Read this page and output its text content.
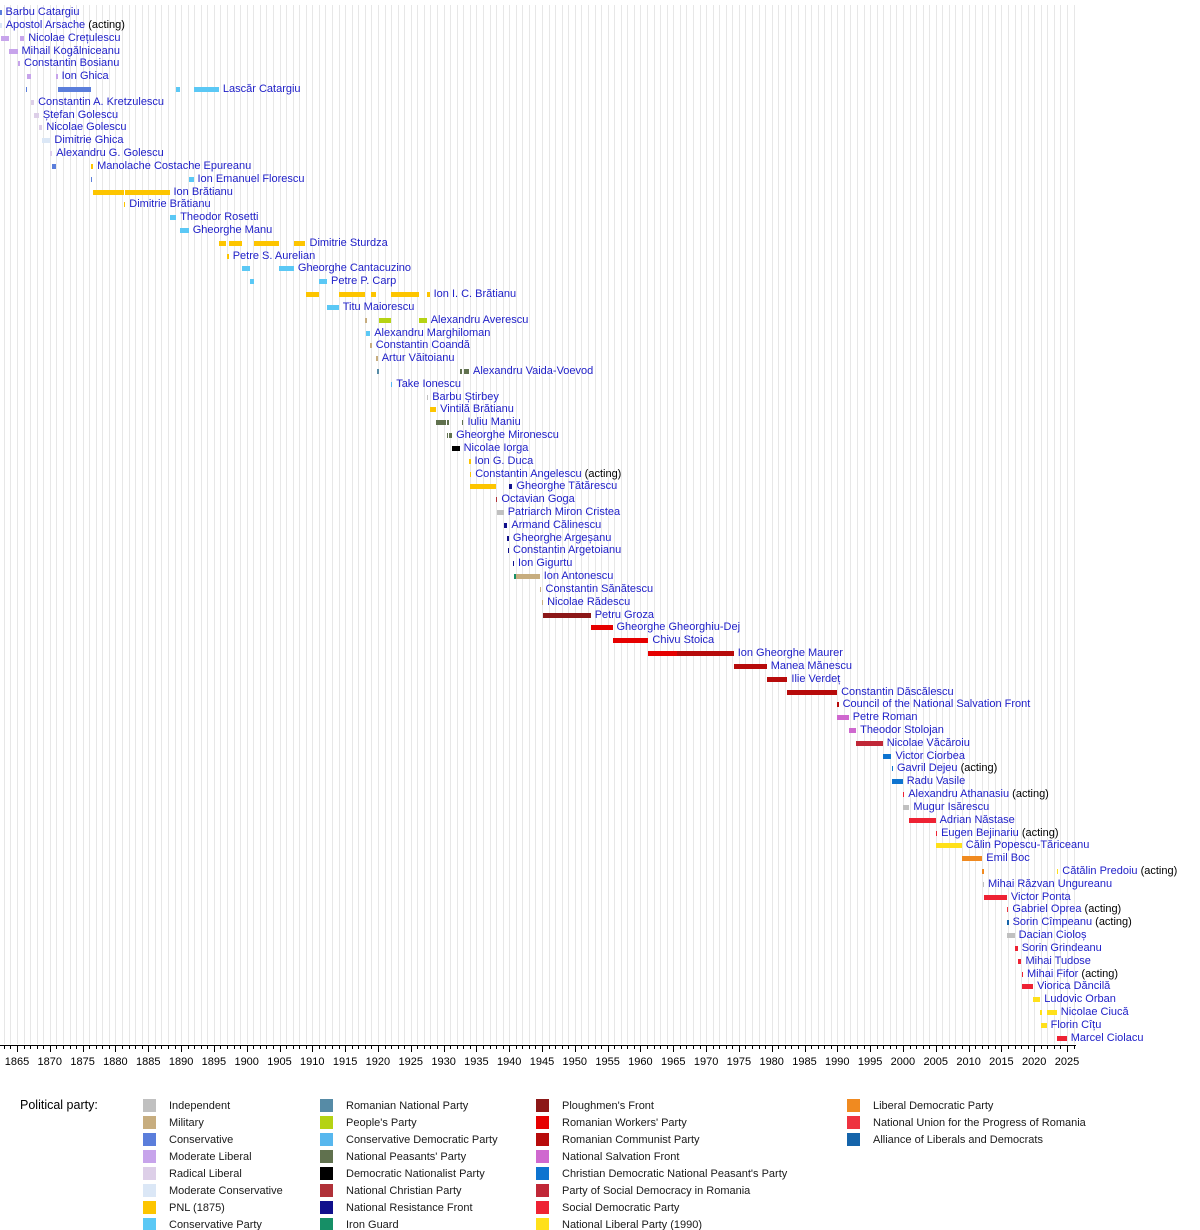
Barbu Catargiu
Apostol Arsache (acting)
Nicolae Crețulescu
Mihail Kogălniceanu
Constantin Bosianu
Ion Ghica
Lascăr Catargiu
Constantin A. Kretzulescu
Ștefan Golescu
Nicolae Golescu
Dimitrie Ghica
Alexandru G. Golescu
Manolache Costache Epureanu
Ion Emanuel Florescu
Ion Brătianu
Dimitrie Brătianu
Theodor Rosetti
Gheorghe Manu
Dimitrie Sturdza
Petre S. Aurelian
Gheorghe Cantacuzino
Petre P. Carp
Ion I. C. Brătianu
Titu Maiorescu
Alexandru Averescu
Alexandru Marghiloman
Constantin Coandă
Artur Văitoianu
Alexandru Vaida-Voevod
Take Ionescu
Barbu Știrbey
Vintilă Brătianu
Iuliu Maniu
Gheorghe Mironescu
Nicolae Iorga
Ion G. Duca
Constantin Angelescu (acting)
Gheorghe Tătărescu
Octavian Goga
Patriarch Miron Cristea
Armand Călinescu
Gheorghe Argeșanu
Constantin Argetoianu
Ion Gigurtu
Ion Antonescu
Constantin Sănătescu
Nicolae Rădescu
Petru Groza
Gheorghe Gheorghiu-Dej
Chivu Stoica
Ion Gheorghe Maurer
Manea Mănescu
Ilie Verdeț
Constantin Dăscălescu
Council of the National Salvation Front
Petre Roman
Theodor Stolojan
Nicolae Văcăroiu
Victor Ciorbea
Gavril Dejeu (acting)
Radu Vasile
Alexandru Athanasiu (acting)
Mugur Isărescu
Adrian Năstase
Eugen Bejinariu (acting)
Călin Popescu-Tăriceanu
Emil Boc
Cătălin Predoiu (acting)
Mihai Răzvan Ungureanu
Victor Ponta
Gabriel Oprea (acting)
Sorin Cîmpeanu (acting)
Dacian Cioloș
Sorin Grindeanu
Mihai Tudose
Mihai Fifor (acting)
Viorica Dăncilă
Ludovic Orban
Nicolae Ciucă
Florin Cîțu
Marcel Ciolacu
1865 1870 1875 1880 1885 1890 1895 1900 1905 1910 1915 1920 1925 1930 1935 1940 1945 1950 1955 1960 1965 1970 1975 1980 1985 1990 1995 2000 2005 2010 2015 2020 2025
Political party:	Independent
Military
Conservative
Moderate Liberal
Radical Liberal
Moderate Conservative
PNL (1875)
Conservative Party
Romanian National Party
People's Party
Conservative Democratic Party
National Peasants' Party
Democratic Nationalist Party
National Christian Party
National Resistance Front
Iron Guard
Ploughmen's Front
Romanian Workers' Party
Romanian Communist Party
National Salvation Front
Christian Democratic National Peasant's Party
Party of Social Democracy in Romania
Social Democratic Party
National Liberal Party (1990)
Liberal Democratic Party
National Union for the Progress of Romania
Alliance of Liberals and Democrats
